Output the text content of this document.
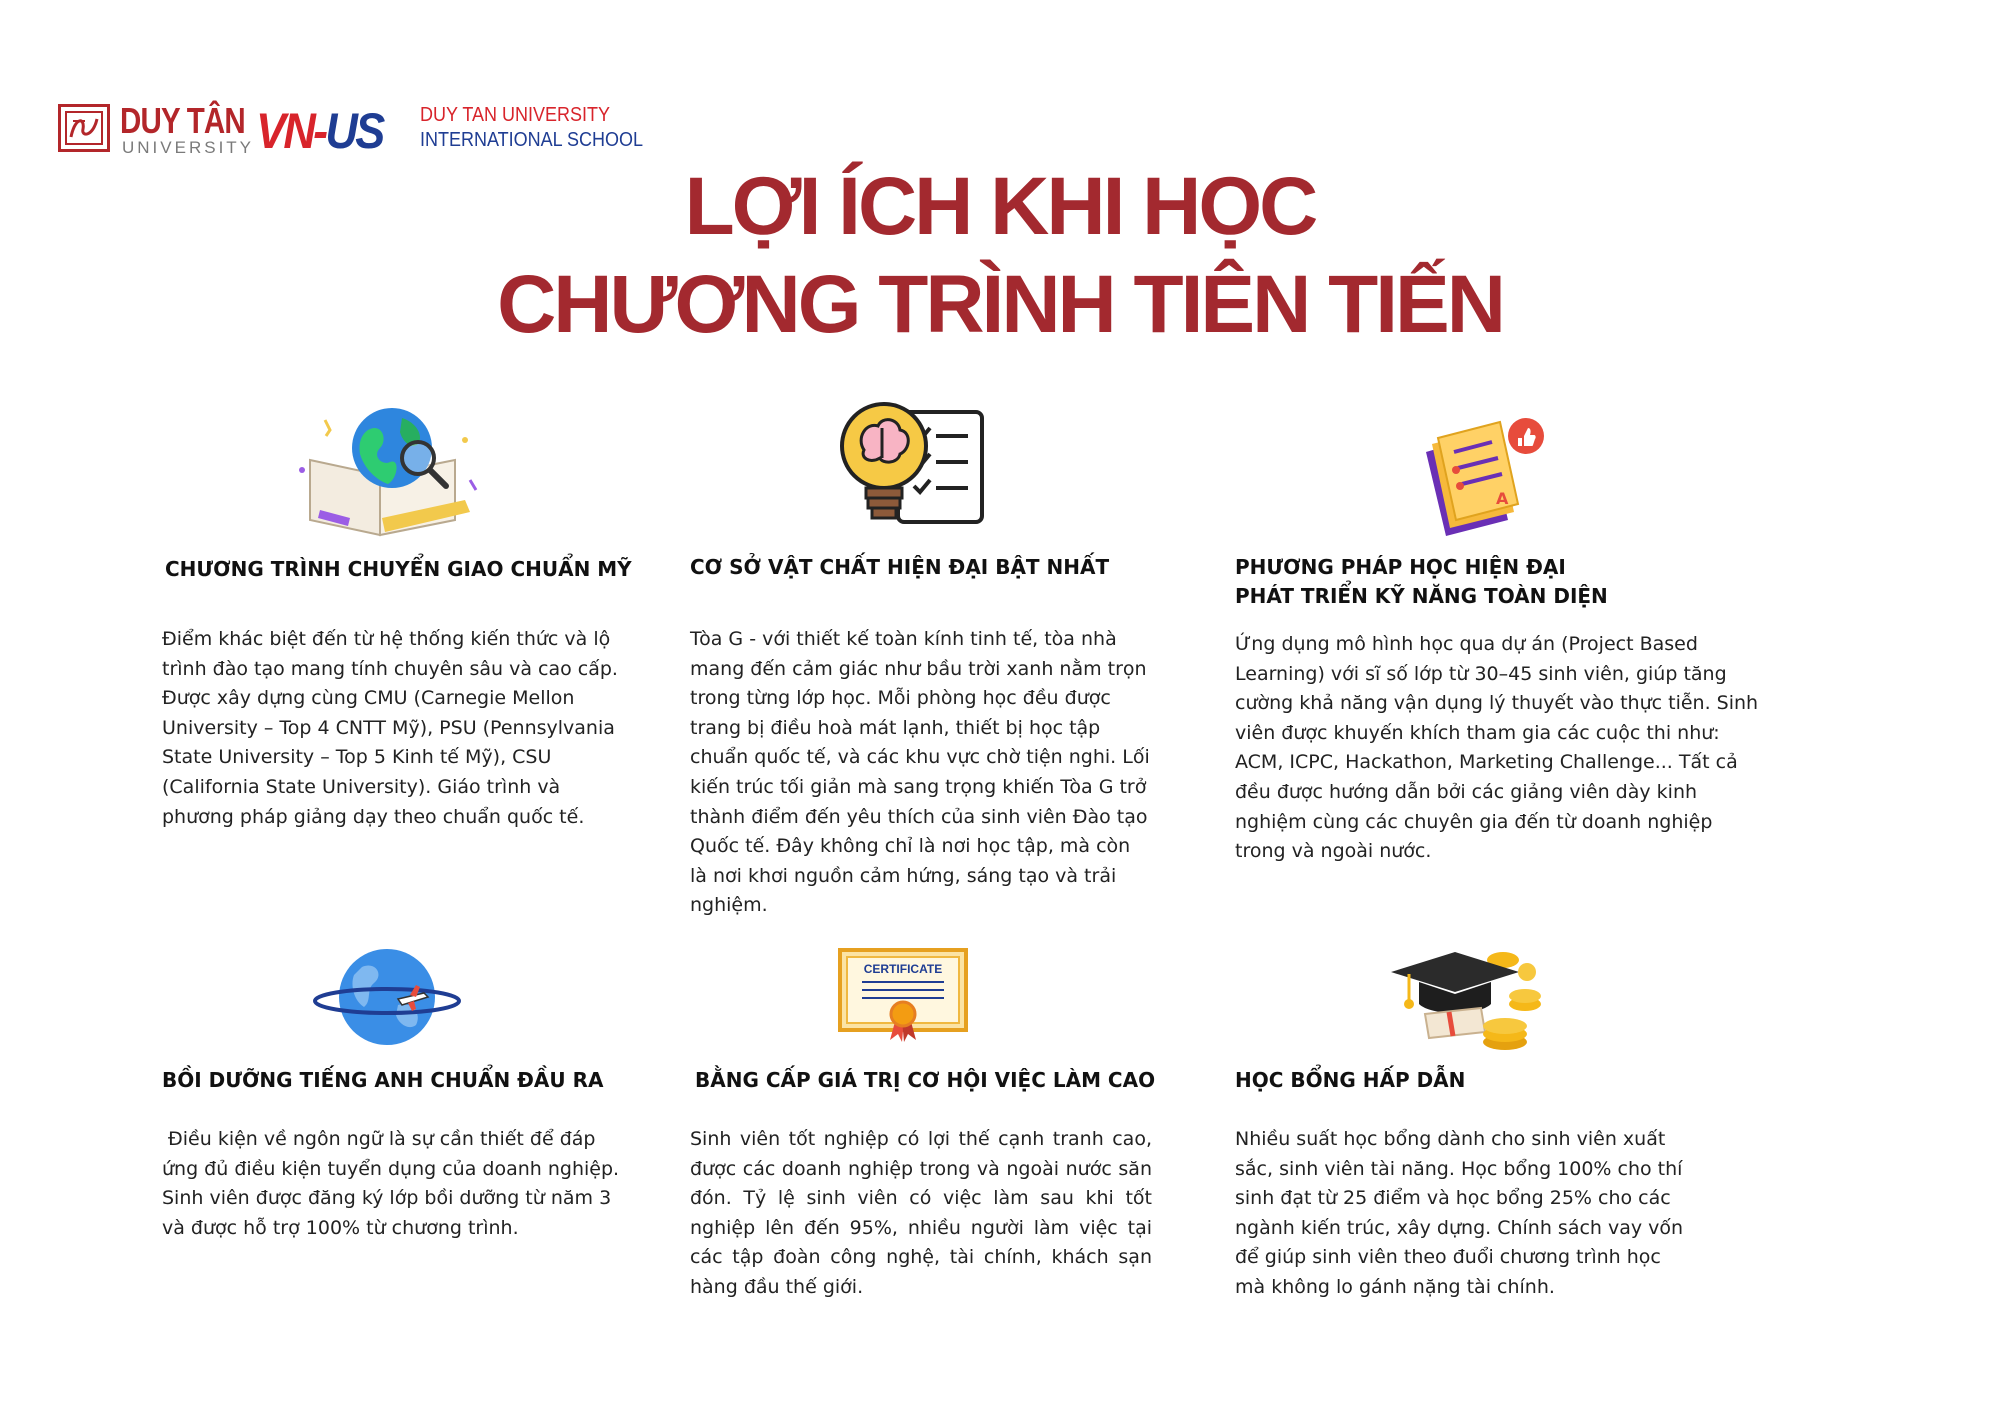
DUY TÂN
UNIVERSITY VN-US DUY TAN UNIVERSITY
INTERNATIONAL SCHOOL
LỢI ÍCH KHI HỌC
CHƯƠNG TRÌNH TIÊN TIẾN
CHƯƠNG TRÌNH CHUYỂN GIAO CHUẨN MỸ
Điểm khác biệt đến từ hệ thống kiến thức và lộ trình đào tạo mang tính chuyên sâu và cao cấp. Được xây dựng cùng CMU (Carnegie Mellon University – Top 4 CNTT Mỹ), PSU (Pennsylvania State University – Top 5 Kinh tế Mỹ), CSU (California State University). Giáo trình và phương pháp giảng dạy theo chuẩn quốc tế.
CƠ SỞ VẬT CHẤT HIỆN ĐẠI BẬT NHẤT
Tòa G - với thiết kế toàn kính tinh tế, tòa nhà mang đến cảm giác như bầu trời xanh nằm trọn trong từng lớp học. Mỗi phòng học đều được trang bị điều hoà mát lạnh, thiết bị học tập chuẩn quốc tế, và các khu vực chờ tiện nghi. Lối kiến trúc tối giản mà sang trọng khiến Tòa G trở thành điểm đến yêu thích của sinh viên Đào tạo Quốc tế. Đây không chỉ là nơi học tập, mà còn là nơi khơi nguồn cảm hứng, sáng tạo và trải nghiệm.
A
PHƯƠNG PHÁP HỌC HIỆN ĐẠI
PHÁT TRIỂN KỸ NĂNG TOÀN DIỆN
Ứng dụng mô hình học qua dự án (Project Based Learning) với sĩ số lớp từ 30–45 sinh viên, giúp tăng cường khả năng vận dụng lý thuyết vào thực tiễn. Sinh viên được khuyến khích tham gia các cuộc thi như: ACM, ICPC, Hackathon, Marketing Challenge... Tất cả đều được hướng dẫn bởi các giảng viên dày kinh nghiệm cùng các chuyên gia đến từ doanh nghiệp trong và ngoài nước.
BỒI DƯỠNG TIẾNG ANH CHUẨN ĐẦU RA
Điều kiện về ngôn ngữ là sự cần thiết để đáp ứng đủ điều kiện tuyển dụng của doanh nghiệp. Sinh viên được đăng ký lớp bồi dưỡng từ năm 3 và được hỗ trợ 100% từ chương trình.
CERTIFICATE
BẰNG CẤP GIÁ TRỊ CƠ HỘI VIỆC LÀM CAO
Sinh viên tốt nghiệp có lợi thế cạnh tranh cao, được các doanh nghiệp trong và ngoài nước săn đón. Tỷ lệ sinh viên có việc làm sau khi tốt nghiệp lên đến 95%, nhiều người làm việc tại các tập đoàn công nghệ, tài chính, khách sạn hàng đầu thế giới.
HỌC BỔNG HẤP DẪN
Nhiều suất học bổng dành cho sinh viên xuất sắc, sinh viên tài năng. Học bổng 100% cho thí sinh đạt từ 25 điểm và học bổng 25% cho các ngành kiến trúc, xây dựng. Chính sách vay vốn để giúp sinh viên theo đuổi chương trình học mà không lo gánh nặng tài chính.
